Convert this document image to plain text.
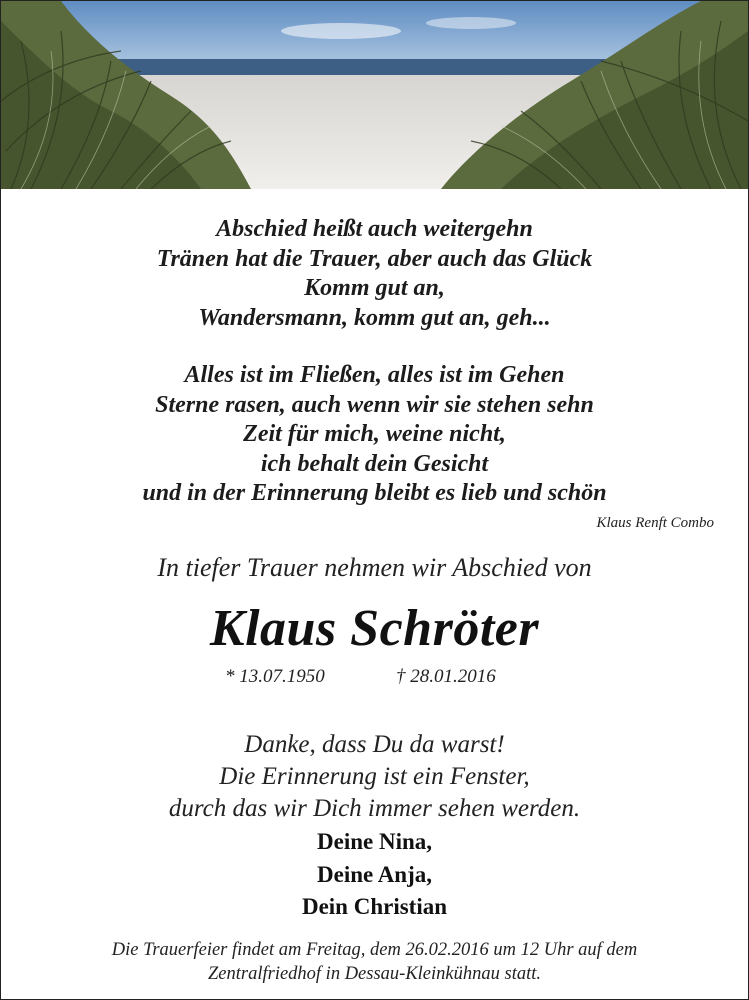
Abschied heißt auch weitergehn

Tränen hat die Trauer, aber auch das Glück

Komm gut an,

Wandersmann, komm gut an, geh...

Alles ist im Fließen, alles ist im Gehen

Sterne rasen, auch wenn wir sie stehen sehn

Zeit für mich, weine nicht,

ich behalt dein Gesicht

und in der Erinnerung bleibt es lieb und schön

Klaus Renft Combo
In tiefer Trauer nehmen wir Abschied von
Klaus Schröter
* 13.07.1950	† 28.01.2016

Danke, dass Du da warst!

Die Erinnerung ist ein Fenster,

durch das wir Dich immer sehen werden.

Deine Nina,

Deine Anja,

Dein Christian

Die Trauerfeier findet am Freitag, dem 26.02.2016 um 12 Uhr auf dem

Zentralfriedhof in Dessau-Kleinkühnau statt.
